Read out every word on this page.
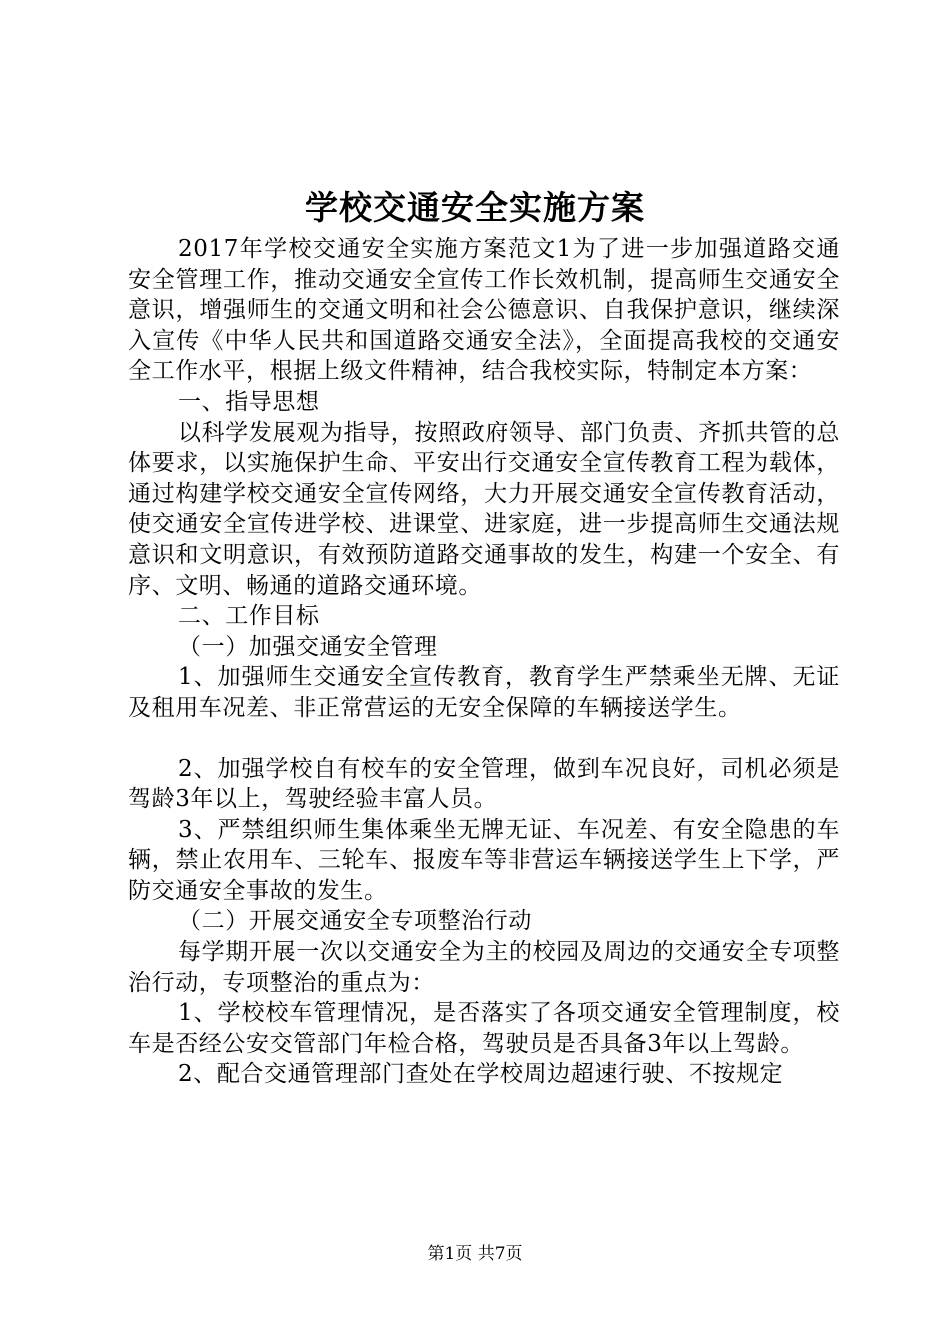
学校交通安全实施方案

2017年学校交通安全实施方案范文1为了进一步加强道路交通安全管理工作，推动交通安全宣传工作长效机制，提高师生交通安全意识，增强师生的交通文明和社会公德意识、自我保护意识，继续深入宣传《中华人民共和国道路交通安全法》，全面提高我校的交通安全工作水平，根据上级文件精神，结合我校实际，特制定本方案：

一、指导思想

以科学发展观为指导，按照政府领导、部门负责、齐抓共管的总体要求，以实施保护生命、平安出行交通安全宣传教育工程为载体，通过构建学校交通安全宣传网络，大力开展交通安全宣传教育活动，使交通安全宣传进学校、进课堂、进家庭，进一步提高师生交通法规意识和文明意识，有效预防道路交通事故的发生，构建一个安全、有序、文明、畅通的道路交通环境。

二、工作目标

（一）加强交通安全管理

1、加强师生交通安全宣传教育，教育学生严禁乘坐无牌、无证及租用车况差、非正常营运的无安全保障的车辆接送学生。

2、加强学校自有校车的安全管理，做到车况良好，司机必须是驾龄3年以上，驾驶经验丰富人员。

3、严禁组织师生集体乘坐无牌无证、车况差、有安全隐患的车辆，禁止农用车、三轮车、报废车等非营运车辆接送学生上下学，严防交通安全事故的发生。

（二）开展交通安全专项整治行动

每学期开展一次以交通安全为主的校园及周边的交通安全专项整治行动，专项整治的重点为：

1、学校校车管理情况，是否落实了各项交通安全管理制度，校车是否经公安交管部门年检合格，驾驶员是否具备3年以上驾龄。

2、配合交通管理部门查处在学校周边超速行驶、不按规定

第1页 共7页
